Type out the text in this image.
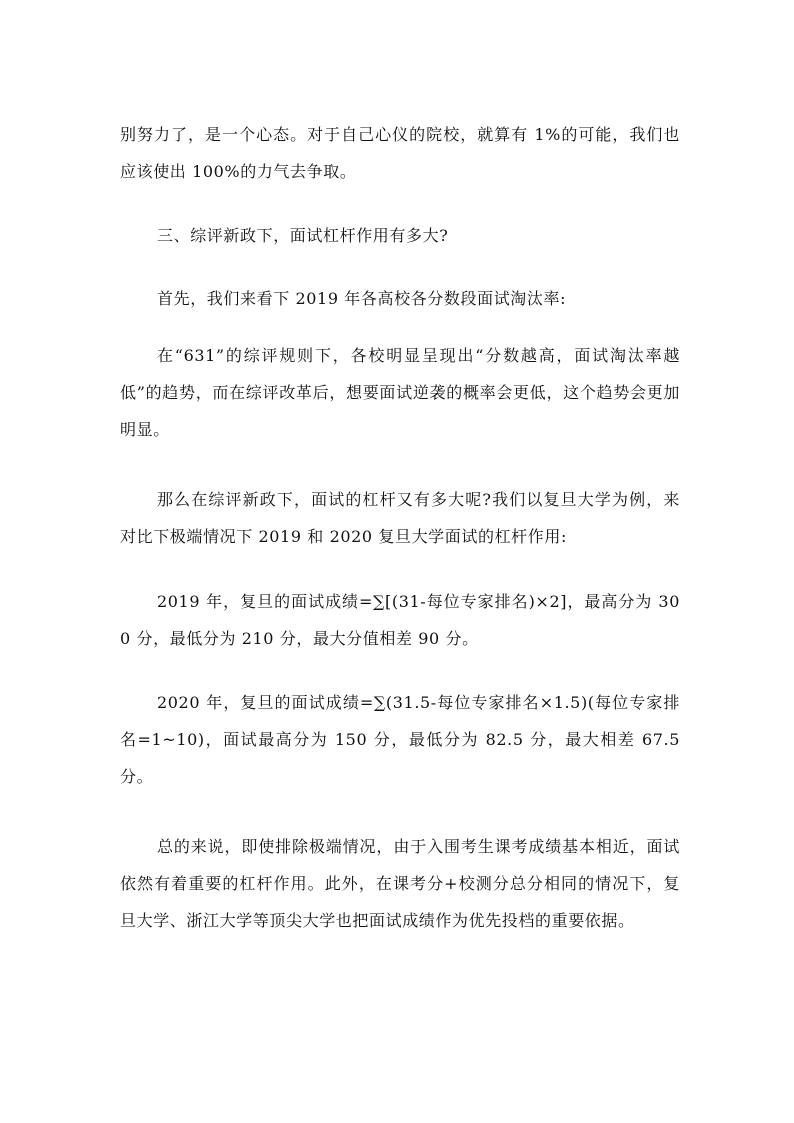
别努力了，是一个心态。对于自己心仪的院校，就算有 1%的可能，我们也应该使出 100%的力气去争取。

三、综评新政下，面试杠杆作用有多大?

首先，我们来看下 2019 年各高校各分数段面试淘汰率:

在“631”的综评规则下，各校明显呈现出“分数越高，面试淘汰率越低”的趋势，而在综评改革后，想要面试逆袭的概率会更低，这个趋势会更加明显。

那么在综评新政下，面试的杠杆又有多大呢?我们以复旦大学为例，来对比下极端情况下 2019 和 2020 复旦大学面试的杠杆作用:

2019 年，复旦的面试成绩=∑[(31-每位专家排名)×2]，最高分为 300 分，最低分为 210 分，最大分值相差 90 分。

2020 年，复旦的面试成绩=∑(31.5-每位专家排名×1.5)(每位专家排名=1~10)，面试最高分为 150 分，最低分为 82.5 分，最大相差 67.5 分。

总的来说，即使排除极端情况，由于入围考生课考成绩基本相近，面试依然有着重要的杠杆作用。此外，在课考分+校测分总分相同的情况下，复旦大学、浙江大学等顶尖大学也把面试成绩作为优先投档的重要依据。
